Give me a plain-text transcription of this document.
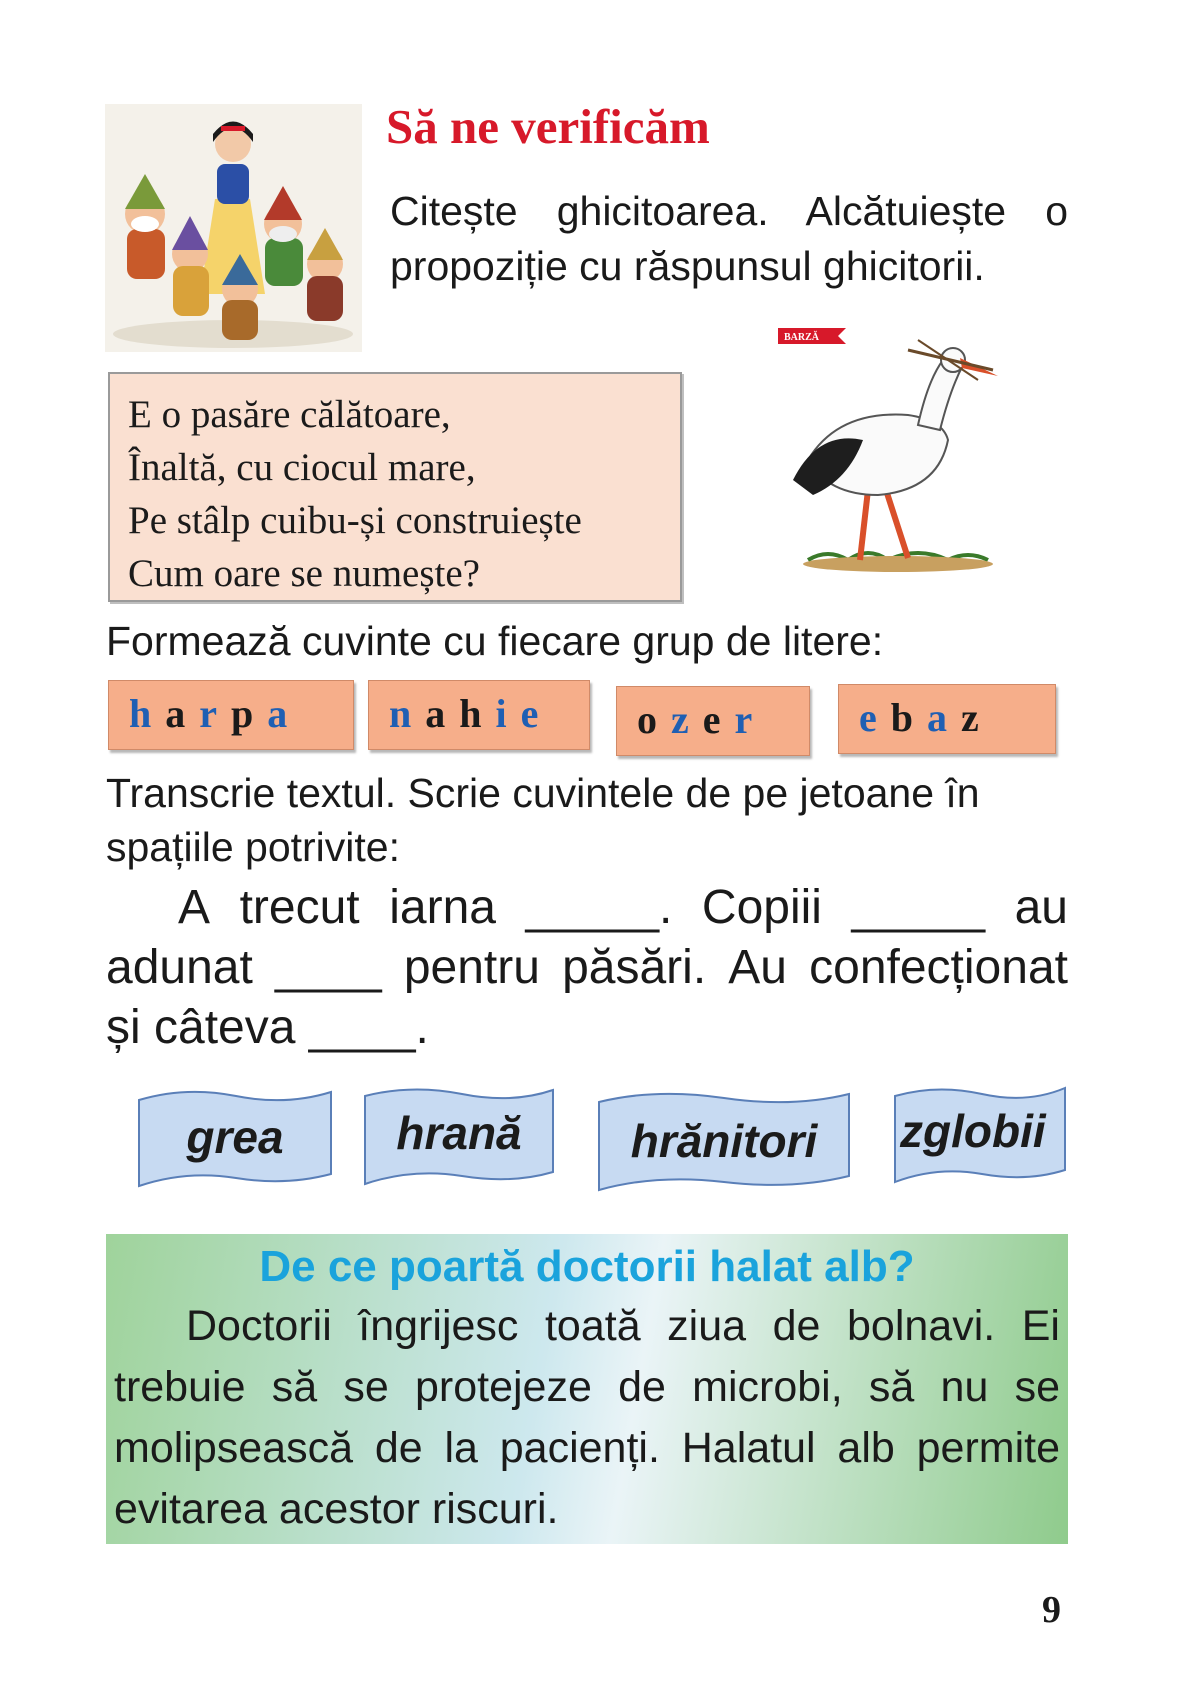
Să ne verificăm
Citește ghicitoarea. Alcătuiește o
propoziție cu răspunsul ghicitorii.
E o pasăre călătoare,
Înaltă, cu ciocul mare,
Pe stâlp cuibu-și construiește
Cum oare se numește?
BARZĂ
Formează cuvinte cu fiecare grup de litere:
harpa	nahie	ozer	ebaz
Transcrie textul. Scrie cuvintele de pe jetoane în spațiile potrivite:
A trecut iarna _____. Copiii _____ au
adunat ____ pentru păsări. Au confecționat
și câteva ____.
grea	hrană	hrănitori	zglobii
De ce poartă doctorii halat alb?
Doctorii îngrijesc toată ziua de bolnavi. Ei trebuie să se protejeze de microbi, să nu se molipsească de la pacienți. Halatul alb permite evitarea acestor riscuri.
9
